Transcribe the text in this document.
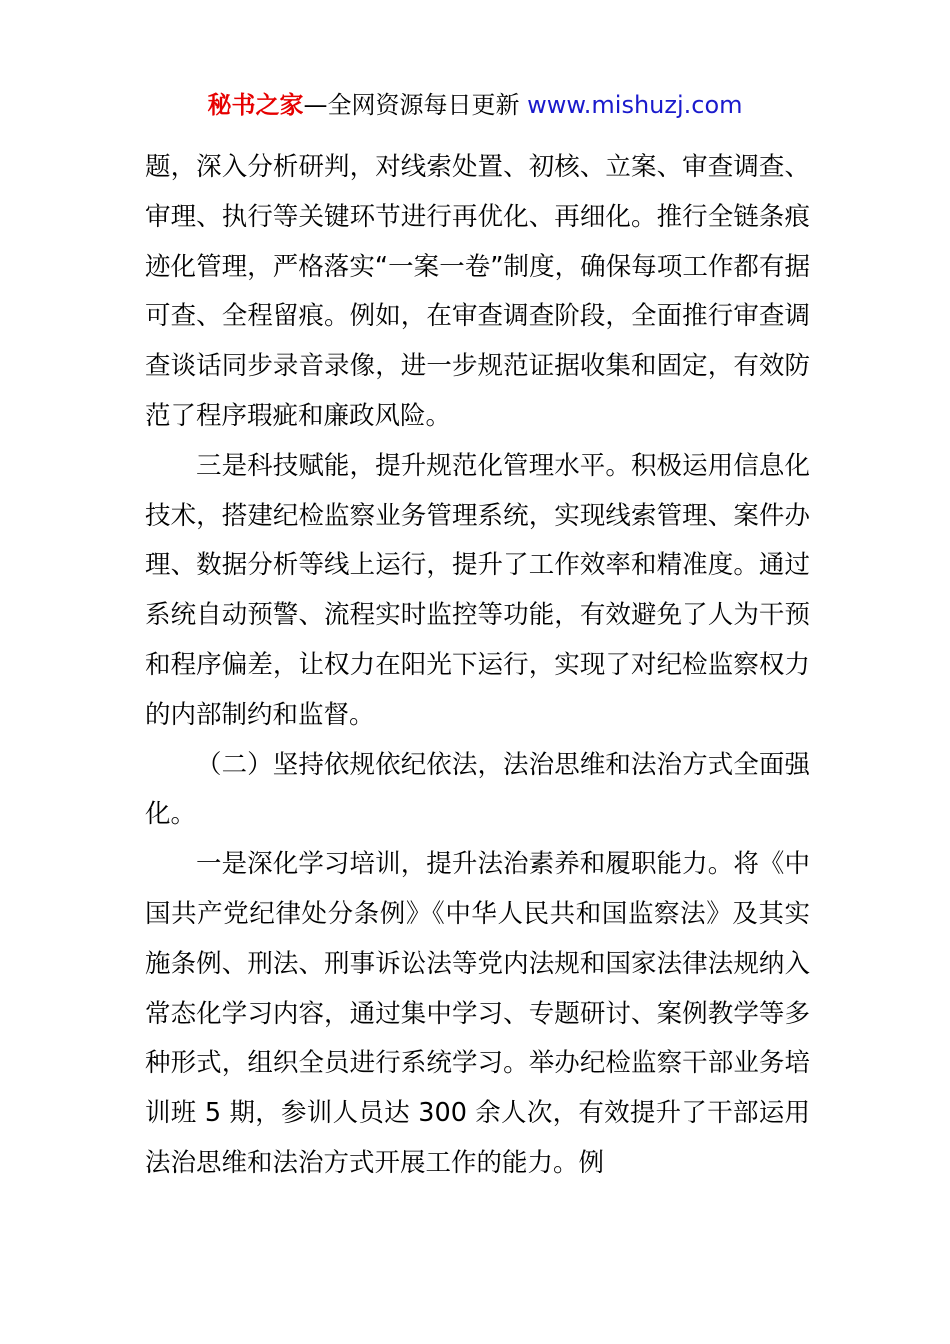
秘书之家—全网资源每日更新 www.mishuzj.com

题，深入分析研判，对线索处置、初核、立案、审查调查、审理、执行等关键环节进行再优化、再细化。推行全链条痕迹化管理，严格落实“一案一卷”制度，确保每项工作都有据可查、全程留痕。例如，在审查调查阶段，全面推行审查调查谈话同步录音录像，进一步规范证据收集和固定，有效防范了程序瑕疵和廉政风险。

三是科技赋能，提升规范化管理水平。积极运用信息化技术，搭建纪检监察业务管理系统，实现线索管理、案件办理、数据分析等线上运行，提升了工作效率和精准度。通过系统自动预警、流程实时监控等功能，有效避免了人为干预和程序偏差，让权力在阳光下运行，实现了对纪检监察权力的内部制约和监督。

（二）坚持依规依纪依法，法治思维和法治方式全面强化。

一是深化学习培训，提升法治素养和履职能力。将《中国共产党纪律处分条例》《中华人民共和国监察法》及其实施条例、刑法、刑事诉讼法等党内法规和国家法律法规纳入常态化学习内容，通过集中学习、专题研讨、案例教学等多种形式，组织全员进行系统学习。举办纪检监察干部业务培训班 5 期，参训人员达 300 余人次，有效提升了干部运用法治思维和法治方式开展工作的能力。例
